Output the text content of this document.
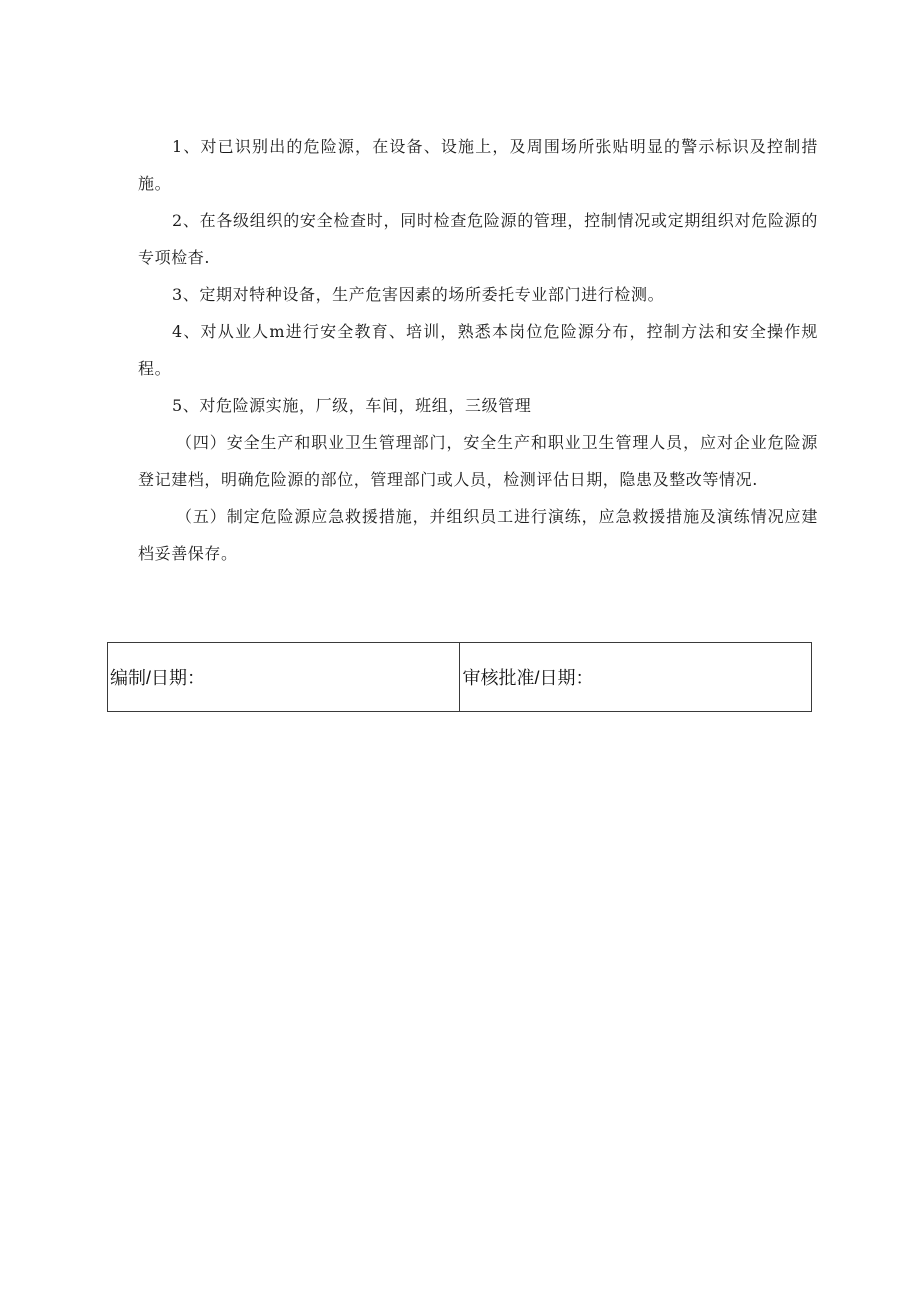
1、对已识别出的危险源，在设备、设施上，及周围场所张贴明显的警示标识及控制措施。

2、在各级组织的安全检查时，同时检查危险源的管理，控制情况或定期组织对危险源的专项检杳.

3、定期对特种设备，生产危害因素的场所委托专业部门进行检测。

4、对从业人m进行安全教育、培训，熟悉本岗位危险源分布，控制方法和安全操作规程。

5、对危险源实施，厂级，车间，班组，三级管理

（四）安全生产和职业卫生管理部门，安全生产和职业卫生管理人员，应对企业危险源登记建档，明确危险源的部位，管理部门或人员，检测评估日期，隐患及整改等情况.

（五）制定危险源应急救援措施，并组织员工进行演练，应急救援措施及演练情况应建档妥善保存。

编制/日期：	审核批准/日期：
